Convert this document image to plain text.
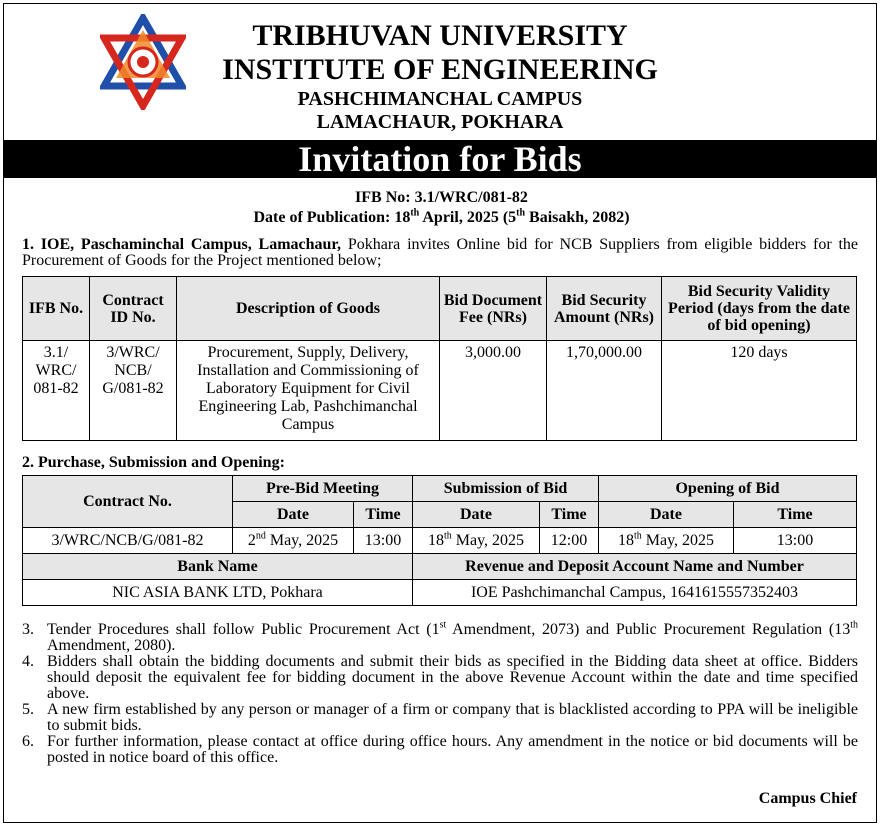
TRIBHUVAN UNIVERSITY
INSTITUTE OF ENGINEERING
PASHCHIMANCHAL CAMPUS
LAMACHAUR, POKHARA
Invitation for Bids
IFB No: 3.1/WRC/081-82
Date of Publication: 18th April, 2025 (5th Baisakh, 2082)
1. IOE, Paschaminchal Campus, Lamachaur, Pokhara invites Online bid for NCB Suppliers from eligible bidders for the Procurement of Goods for the Project mentioned below;
IFB No.	Contract ID No.	Description of Goods	Bid Document Fee (NRs)	Bid Security Amount (NRs)	Bid Security Validity Period (days from the date of bid opening)
3.1/ WRC/ 081-82	3/WRC/ NCB/ G/081-82	Procurement, Supply, Delivery, Installation and Commissioning of Laboratory Equipment for Civil Engineering Lab, Pashchimanchal Campus	3,000.00	1,70,000.00	120 days
2. Purchase, Submission and Opening:
Contract No.	Pre-Bid Meeting		Submission of Bid		Opening of Bid	
	Date	Time	Date	Time	Date	Time
3/WRC/NCB/G/081-82	2nd May, 2025	13:00	18th May, 2025	12:00	18th May, 2025	13:00
Bank Name			Revenue and Deposit Account Name and Number			
NIC ASIA BANK LTD, Pokhara			IOE Pashchimanchal Campus, 1641615557352403			
3. Tender Procedures shall follow Public Procurement Act (1st Amendment, 2073) and Public Procurement Regulation (13th Amendment, 2080).
4. Bidders shall obtain the bidding documents and submit their bids as specified in the Bidding data sheet at office. Bidders should deposit the equivalent fee for bidding document in the above Revenue Account within the date and time specified above.
5. A new firm established by any person or manager of a firm or company that is blacklisted according to PPA will be ineligible to submit bids.
6. For further information, please contact at office during office hours. Any amendment in the notice or bid documents will be posted in notice board of this office.
Campus Chief
